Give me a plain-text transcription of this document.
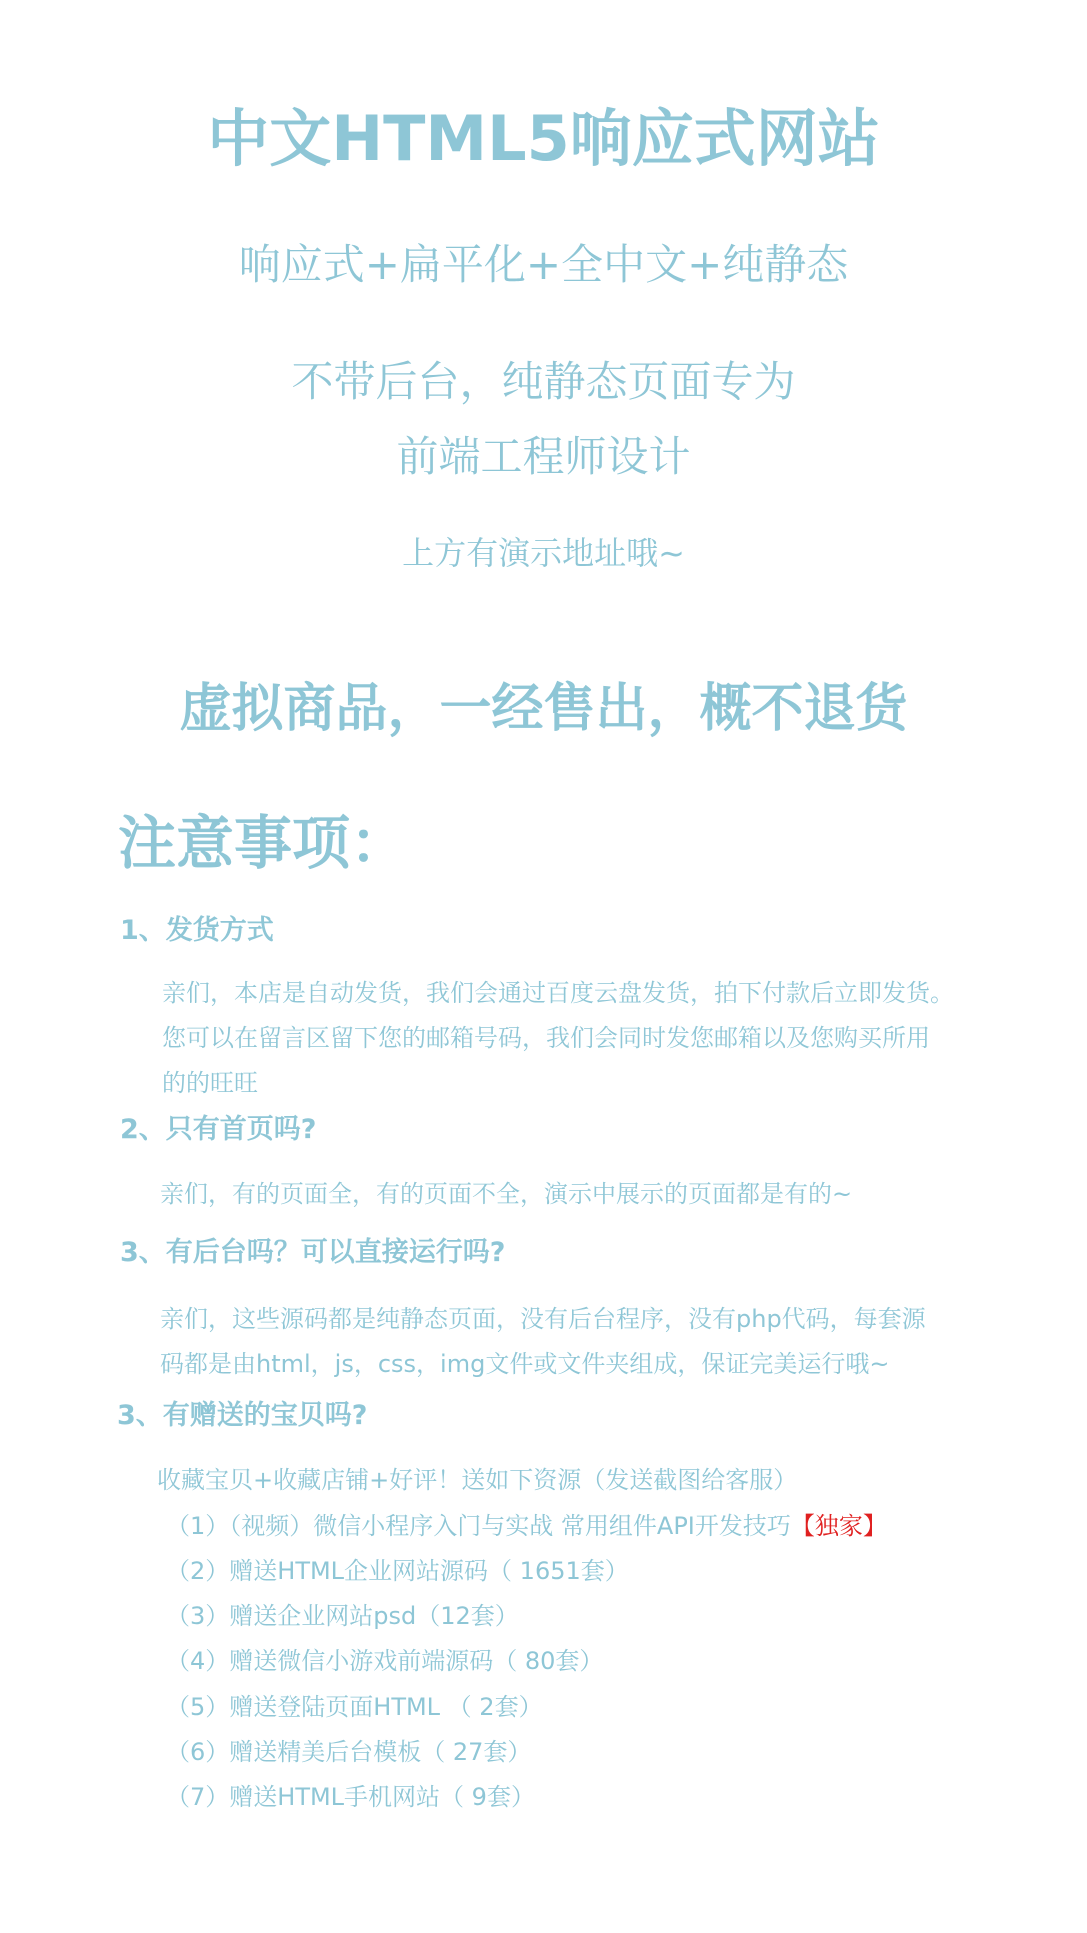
中文HTML5响应式网站
响应式+扁平化+全中文+纯静态
不带后台，纯静态页面专为
前端工程师设计
上方有演示地址哦~
虚拟商品，一经售出，概不退货
注意事项：
1、发货方式
亲们，本店是自动发货，我们会通过百度云盘发货，拍下付款后立即发货。
您可以在留言区留下您的邮箱号码，我们会同时发您邮箱以及您购买所用
的的旺旺
2、只有首页吗?
亲们，有的页面全，有的页面不全，演示中展示的页面都是有的~
3、有后台吗？可以直接运行吗?
亲们，这些源码都是纯静态页面，没有后台程序，没有php代码，每套源
码都是由html，js，css，img文件或文件夹组成，保证完美运行哦~
3、有赠送的宝贝吗?
收藏宝贝+收藏店铺+好评！送如下资源（发送截图给客服）
（1）（视频）微信小程序入门与实战 常用组件API开发技巧【独家】
（2）赠送HTML企业网站源码（ 1651套）
（3）赠送企业网站psd（12套）
（4）赠送微信小游戏前端源码（ 80套）
（5）赠送登陆页面HTML （ 2套）
（6）赠送精美后台模板（ 27套）
（7）赠送HTML手机网站（ 9套）
